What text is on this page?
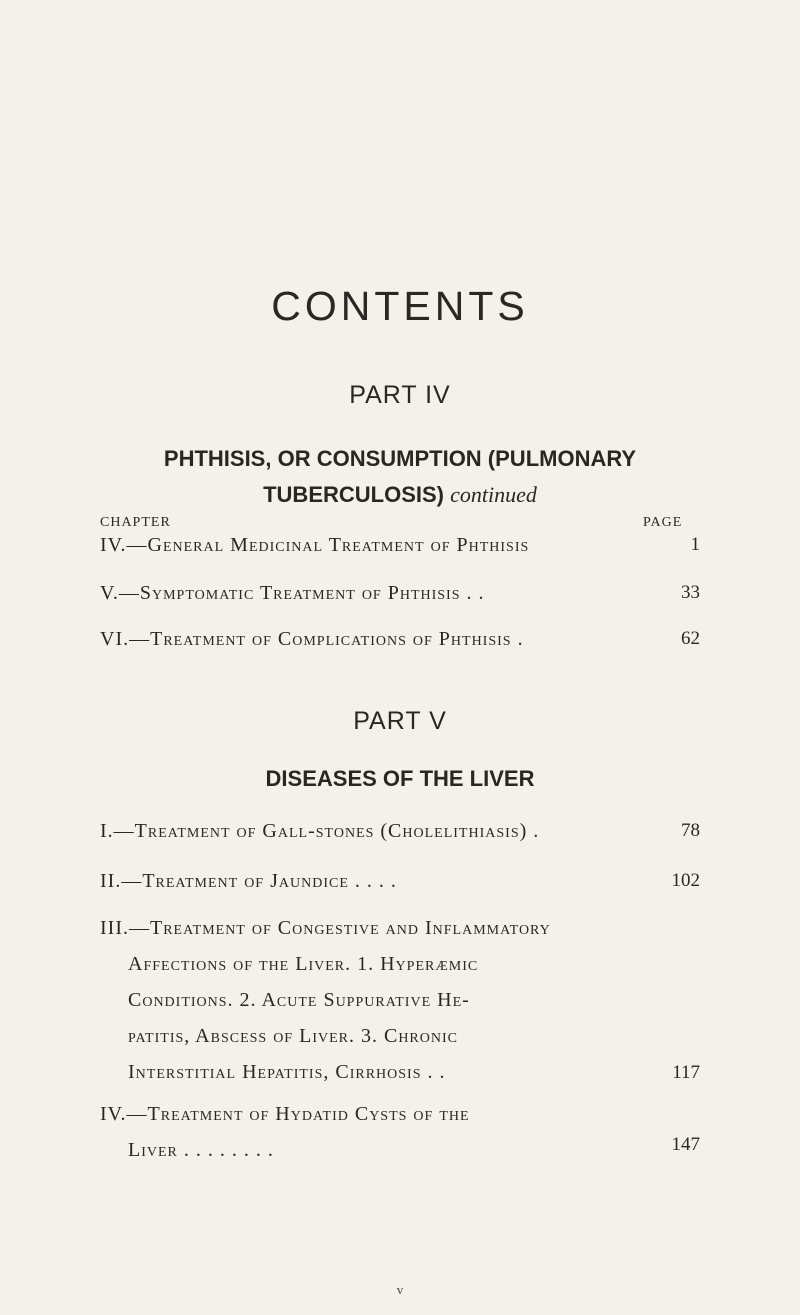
CONTENTS
PART IV
PHTHISIS, OR CONSUMPTION (PULMONARY
TUBERCULOSIS) continued
CHAPTER	PAGE
IV.—General Medicinal Treatment of Phthisis	1
V.—Symptomatic Treatment of Phthisis . .	33
VI.—Treatment of Complications of Phthisis .	62
PART V
DISEASES OF THE LIVER
I.—Treatment of Gall-stones (Cholelithiasis) .	78
II.—Treatment of Jaundice . . . .	102
III.—Treatment of Congestive and Inflammatory
Affections of the Liver. 1. Hyperæmic
Conditions. 2. Acute Suppurative He-
patitis, Abscess of Liver. 3. Chronic
Interstitial Hepatitis, Cirrhosis . .	117
IV.—Treatment of Hydatid Cysts of the
Liver . . . . . . . .	147
v
